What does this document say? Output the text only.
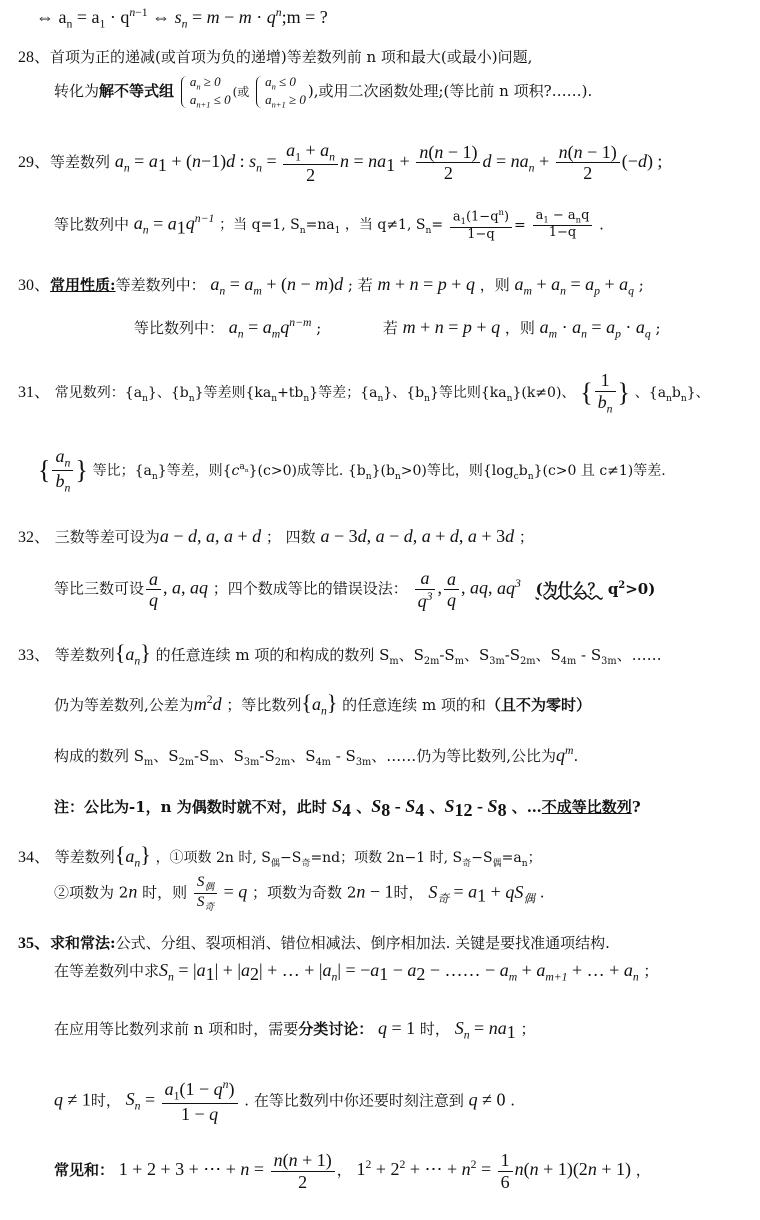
⇔ $a_n = a_1 \cdot q^{n-1}$ ⇔ $s_n = m - m$ · $q^n;m$ = ?
28、首项为正的递减(或首项为负的递增)等差数列前 n 项和最大(或最小)问题,
转化为解不等式组
$a_n \ge 0$
$a_{n+1} \le 0$ (或
$a_n \le 0$
$a_{n+1} \ge 0$ ),或用二次函数处理;(等比前 n 项积?……).
29、等差数列 $a_n = a_1 + (n-1)d$ : $s_n = \frac{a_1 + a_n}{2}$ $n = na_1 + \frac{n(n - 1)}{2}$ $d = na_n + \frac{n(n - 1)}{2} (-d)$ ;
等比数列中 $a_n = a_1q^{n-1}$ ；当 q=1, $S_n=na_1$ ，当 q≠1, $S_n= \frac{a_1(1-q^n)}{1-q} = \frac{a_1 - a_nq}{1-q}$ .
30、常用性质:等差数列中： $a_n = a_m + (n - m)d$ ; 若 m + n = p + q ，则 $a_m + a_n = a_p + a_q$ ;
等比数列中： $a_n = a_mq^{n-m}$ ;	若 m + n = p + q ，则 $a_m \cdot a_n = a_p \cdot a_q$ ;
31、 常见数列：$\{a_n\}$、$\{b_n\}$等差则$\{ka_n+tb_n\}$等差；$\{a_n\}$、$\{b_n\}$等比则$\{ka_n\}(k\ne 0)$、 { $\frac{1}{b_n}$ } 、$\{a_nb_n\}$、
{ $\frac{a_n}{b_n}$ } 等比；$\{a_n\}$等差，则$\{c^{a_n}\}(c>0)$成等比. $\{b_n\}(b_n>0)$等比，则$\{\log_cb_n\}(c>0$ 且 c≠1)等差.
32、 三数等差可设为a − d, a, a + d ； 四数 a − 3d, a − d, a + d, a + 3d ；
等比三数可设 $\frac{a}{q}$ , a, aq ；四个数成等比的错误设法： $\frac{a}{q^3}$ , $\frac{a}{q}$ , aq, $aq^3$ (为什么？ $q^2>0$)
33、 等差数列$\{a_n\}$ 的任意连续 m 项的和构成的数列 $S_m$、$S_{2m}-S_m$、$S_{3m}-S_{2m}$、$S_{4m} - S_{3m}$、……
仍为等差数列,公差为$m^2d$ ；等比数列$\{a_n\}$ 的任意连续 m 项的和（且不为零时）
构成的数列 $S_m$、$S_{2m}-S_m$、$S_{3m}-S_{2m}$、$S_{4m} - S_{3m}$、……仍为等比数列,公比为$q^m$.
注：公比为-1，n 为偶数时就不对，此时 $S_4$ 、$S_8 - S_4$ 、$S_{12} - S_8$ 、…不成等比数列?
34、 等差数列$\{a_n\}$ ，①项数 2n 时, $S_偶-S_奇=nd$；项数 2n−1 时, $S_奇-S_偶=a_n$；
②项数为 2n 时，则 $\frac{S_偶}{S_奇} = q$ ；项数为奇数 2n − 1时， $S_奇 = a_1 + qS_偶$ .
35、求和常法:公式、分组、裂项相消、错位相减法、倒序相加法. 关键是要找准通项结构.
在等差数列中求$S_n = |a_1| + |a_2|$ + … + $|a_n| = -a_1 - a_2$ − …… − $a_m + a_{m+1}$ + … + $a_n$ ；
在应用等比数列求前 n 项和时，需要分类讨论： q = 1 时， $S_n = na_1$ ；
q ≠ 1时， $S_n = \frac{a_1(1 - q^n)}{1 - q}$ . 在等比数列中你还要时刻注意到 q ≠ 0 .
常见和： 1 + 2 + 3 + ⋯ + $n = \frac{n(n + 1)}{2}$ ， $1^2 + 2^2$ + ⋯ + $n^2 = \frac{1}{6} n(n + 1)(2n + 1)$ ，
